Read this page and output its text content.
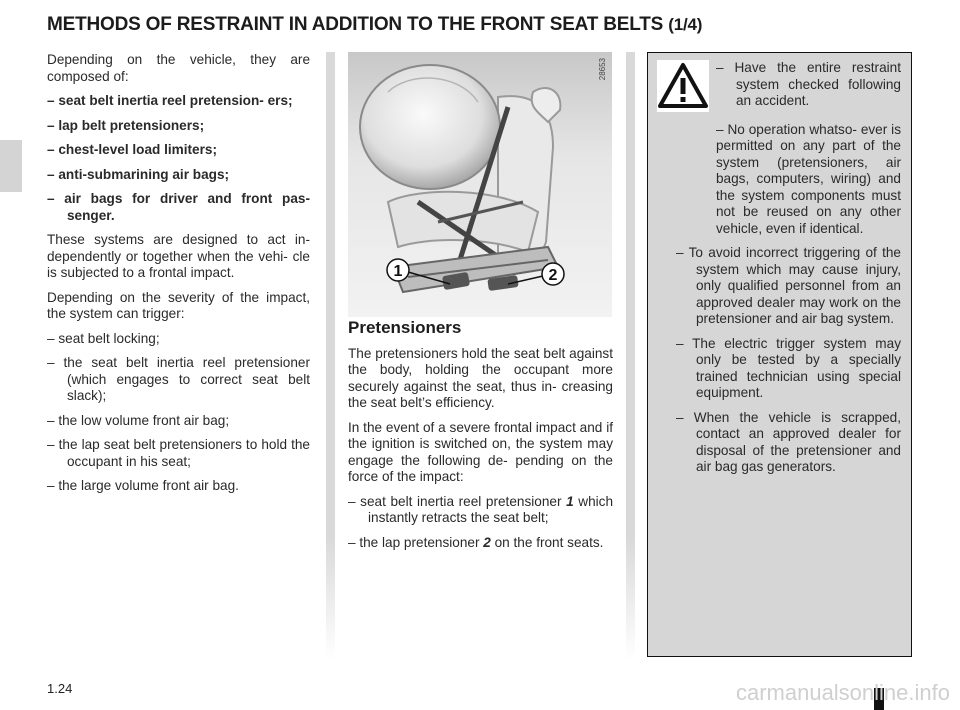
METHODS OF RESTRAINT IN ADDITION TO THE FRONT SEAT BELTS (1/4)

Depending on the vehicle, they are composed of:

– seat belt inertia reel pretension- ers;
– lap belt pretensioners;
– chest-level load limiters;
– anti-submarining air bags;
– air bags for driver and front pas- senger.

These systems are designed to act in- dependently or together when the vehi- cle is subjected to a frontal impact.

Depending on the severity of the impact, the system can trigger:

– seat belt locking;
– the seat belt inertia reel pretensioner (which engages to correct seat belt slack);
– the low volume front air bag;
– the lap seat belt pretensioners to hold the occupant in his seat;
– the large volume front air bag.
1	2
28653
Pretensioners

The pretensioners hold the seat belt against the body, holding the occupant more securely against the seat, thus in- creasing the seat belt’s efficiency.

In the event of a severe frontal impact and if the ignition is switched on, the system may engage the following de- pending on the force of the impact:

– seat belt inertia reel pretensioner 1 which instantly retracts the seat belt;
– the lap pretensioner 2 on the front seats.
– Have the entire restraint system checked following an accident.
– No operation whatso- ever is permitted on any part of the system (pretensioners, air bags, computers, wiring) and the system components must not be reused on any other vehicle, even if identical.
– To avoid incorrect triggering of the system which may cause injury, only qualified personnel from an approved dealer may work on the pretensioner and air bag system.
– The electric trigger system may only be tested by a specially trained technician using special equipment.
– When the vehicle is scrapped, contact an approved dealer for disposal of the pretensioner and air bag gas generators.
1.24	carmanualsonline.info
